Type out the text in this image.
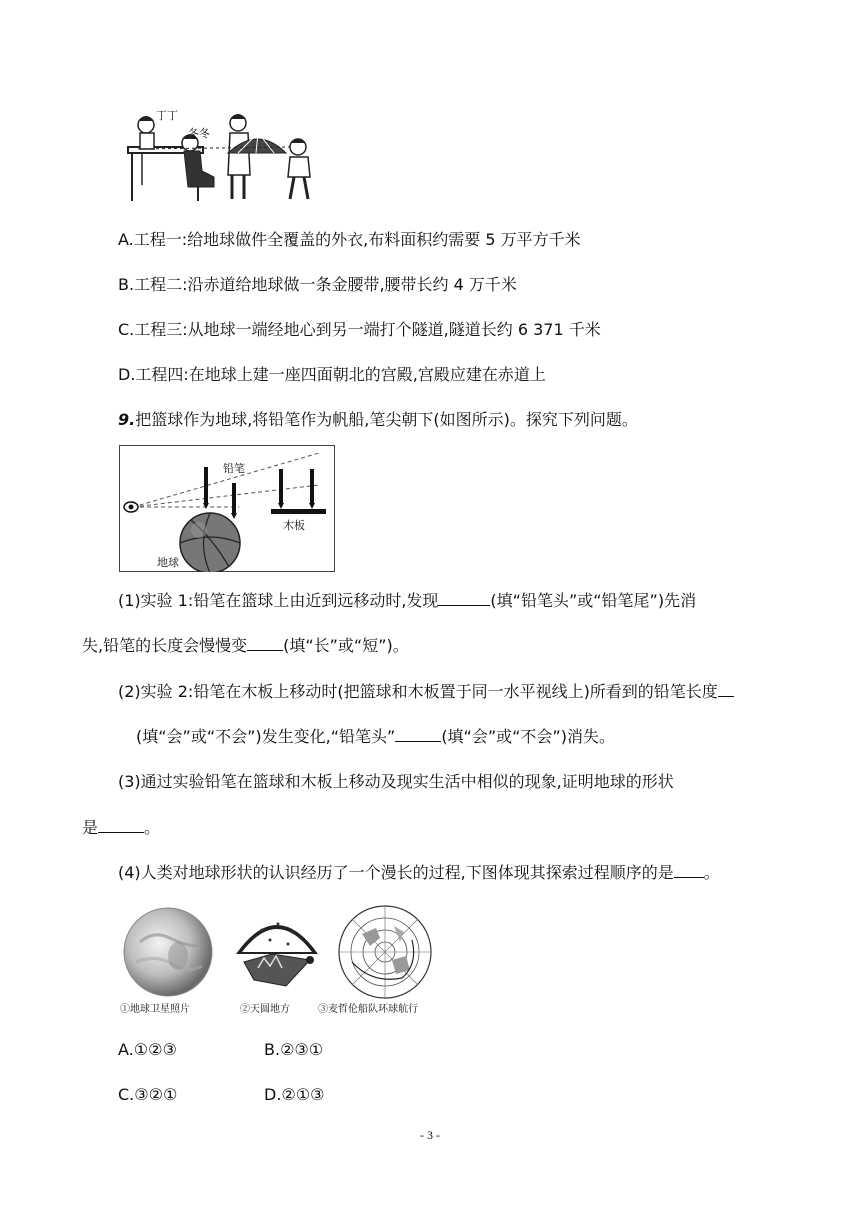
丁丁
冬冬
A.工程一:给地球做件全覆盖的外衣,布料面积约需要 5 万平方千米
B.工程二:沿赤道给地球做一条金腰带,腰带长约 4 万千米
C.工程三:从地球一端经地心到另一端打个隧道,隧道长约 6 371 千米
D.工程四:在地球上建一座四面朝北的宫殿,宫殿应建在赤道上
9.把篮球作为地球,将铅笔作为帆船,笔尖朝下(如图所示)。探究下列问题。
铅笔
木板
地球
(1)实验 1:铅笔在篮球上由近到远移动时,发现	(填“铅笔头”或“铅笔尾”)先消
失,铅笔的长度会慢慢变 (填“长”或“短”)。
(2)实验 2:铅笔在木板上移动时(把篮球和木板置于同一水平视线上)所看到的铅笔长度
(填“会”或“不会”)发生变化,“铅笔头”	(填“会”或“不会”)消失。
(3)通过实验铅笔在篮球和木板上移动及现实生活中相似的现象,证明地球的形状
是	。
(4)人类对地球形状的认识经历了一个漫长的过程,下图体现其探索过程顺序的是 。
①地球卫星照片	②天圆地方	③麦哲伦船队环球航行
A.①②③	B.②③①
C.③②①	D.②①③
- 3 -
